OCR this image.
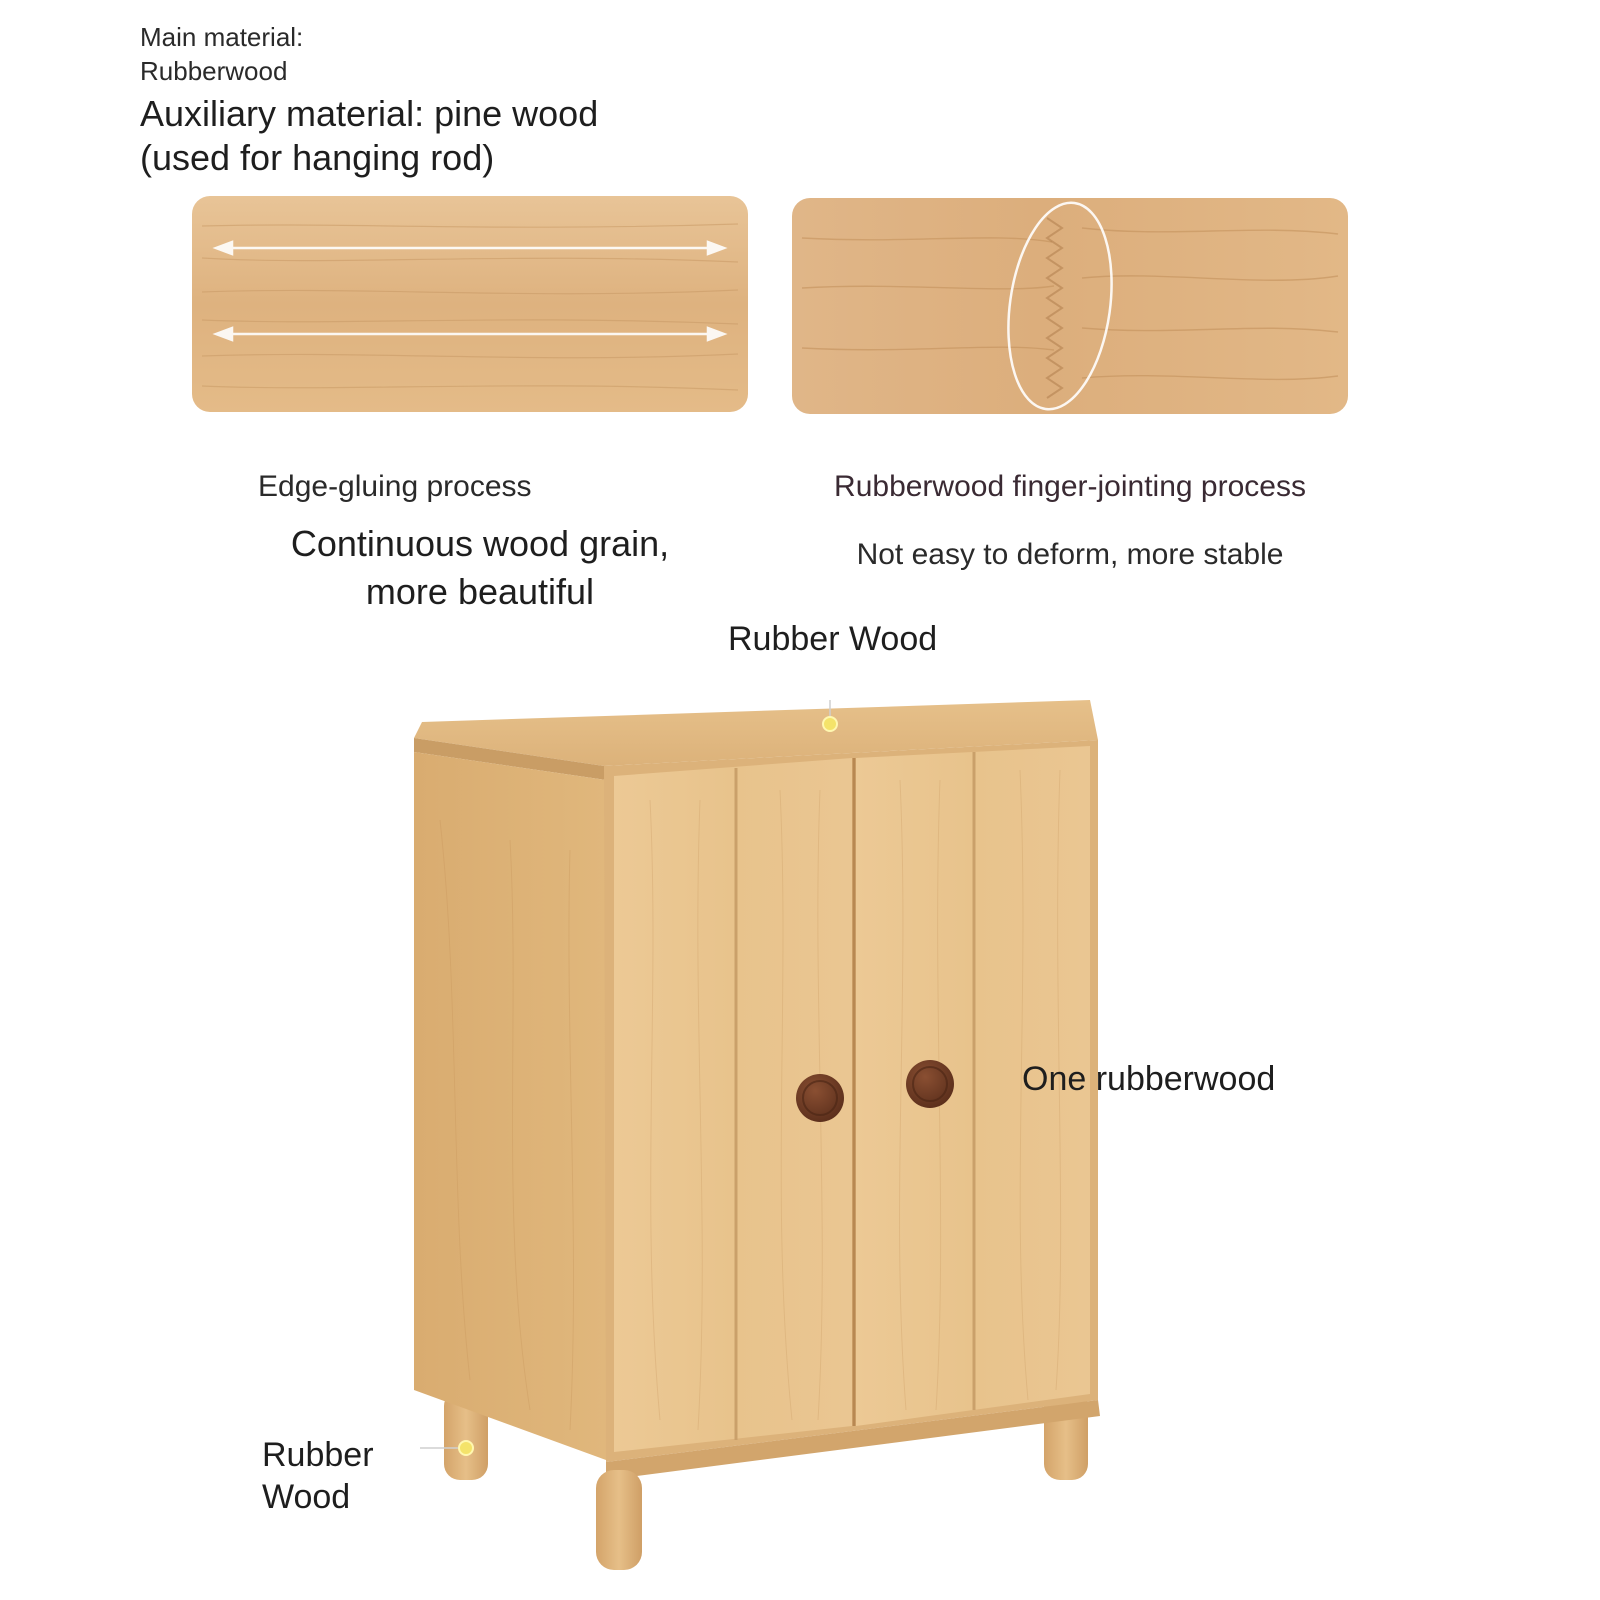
Main material:
Rubberwood
Auxiliary material: pine wood
(used for hanging rod)
Edge-gluing process
Continuous wood grain,
more beautiful
Rubberwood finger-jointing process
Not easy to deform, more stable
Rubber Wood
One rubberwood
Rubber
Wood
